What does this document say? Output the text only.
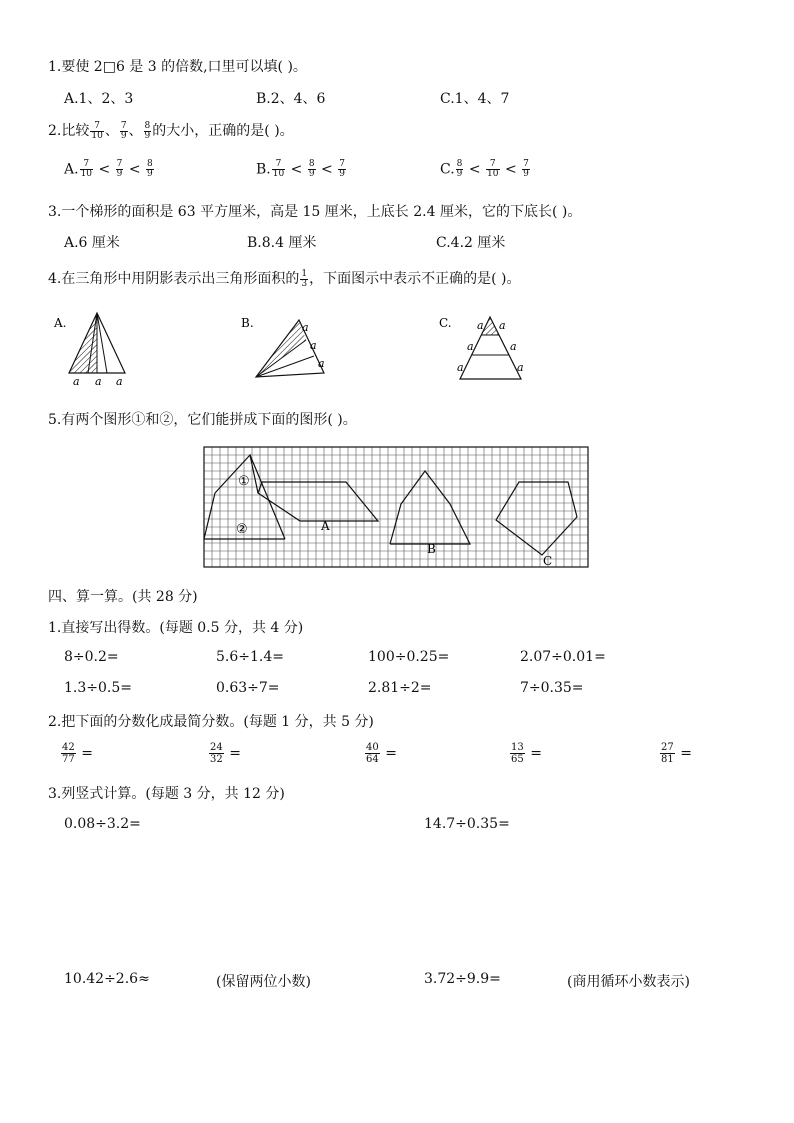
1.要使 2□6 是 3 的倍数,口里可以填( )。
A.1、2、3	B.2、4、6	C.1、4、7
2.比较 $\frac{7}{10}$ 、 $\frac{7}{9}$ 、 $\frac{8}{9}$ 的大小，正确的是( )。
A. $\frac{7}{10} < \frac{7}{9} < \frac{8}{9}$	B. $\frac{7}{10} < \frac{8}{9} < \frac{7}{9}$	C. $\frac{8}{9} < \frac{7}{10} < \frac{7}{9}$
3.一个梯形的面积是 63 平方厘米，高是 15 厘米，上底长 2.4 厘米，它的下底长( )。
A.6 厘米	B.8.4 厘米	C.4.2 厘米
4.在三角形中用阴影表示出三角形面积的 $\frac{1}{3}$ ，下面图示中表示不正确的是( )。
A.
a a a
B.	a
a
a
C. a a
a	a
a	a
5.有两个图形①和②，它们能拼成下面的图形( )。
①
②	A
B
C
四、算一算。(共 28 分)
1.直接写出得数。(每题 0.5 分，共 4 分)
8÷0.2=	5.6÷1.4=	100÷0.25=	2.07÷0.01=
1.3÷0.5=	0.63÷7=	2.81÷2=	7÷0.35=
2.把下面的分数化成最简分数。(每题 1 分，共 5 分)
$\frac{42}{77}$ =	$\frac{24}{32}$ =	$\frac{40}{64}$ =	$\frac{13}{65}$ =	$\frac{27}{81}$ =
3.列竖式计算。(每题 3 分，共 12 分)
0.08÷3.2=	14.7÷0.35=
10.42÷2.6≈	(保留两位小数)	3.72÷9.9=	(商用循环小数表示)
